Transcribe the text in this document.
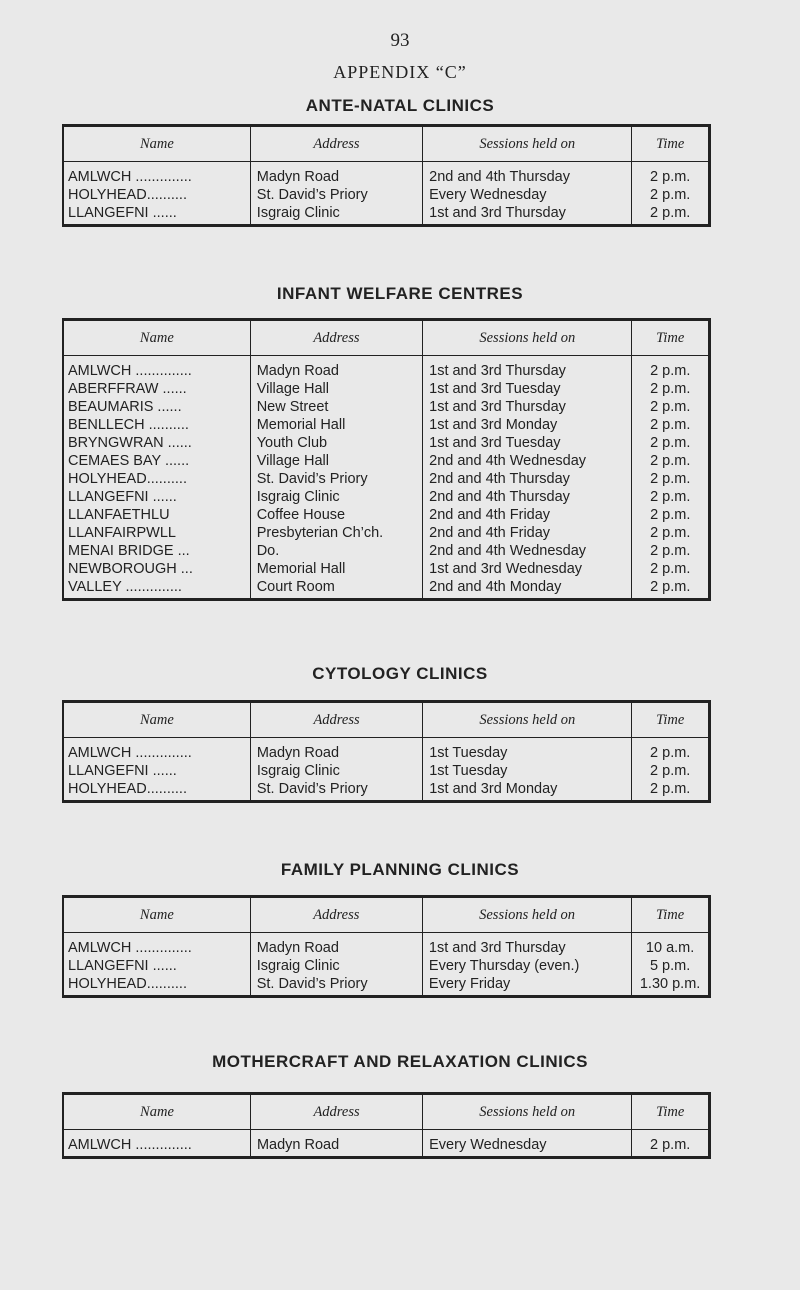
93
APPENDIX “C”
ANTE-NATAL CLINICS
Name	Address	Sessions held on	Time
AMLWCH ..............	Madyn Road	2nd and 4th Thursday	2 p.m.
HOLYHEAD..........	St. David’s Priory	Every Wednesday	2 p.m.
LLANGEFNI ......	Isgraig Clinic	1st and 3rd Thursday	2 p.m.
INFANT WELFARE CENTRES
Name	Address	Sessions held on	Time
AMLWCH ..............	Madyn Road	1st and 3rd Thursday	2 p.m.
ABERFFRAW ......	Village Hall	1st and 3rd Tuesday	2 p.m.
BEAUMARIS ......	New Street	1st and 3rd Thursday	2 p.m.
BENLLECH ..........	Memorial Hall	1st and 3rd Monday	2 p.m.
BRYNGWRAN ......	Youth Club	1st and 3rd Tuesday	2 p.m.
CEMAES BAY ......	Village Hall	2nd and 4th Wednesday	2 p.m.
HOLYHEAD..........	St. David’s Priory	2nd and 4th Thursday	2 p.m.
LLANGEFNI ......	Isgraig Clinic	2nd and 4th Thursday	2 p.m.
LLANFAETHLU	Coffee House	2nd and 4th Friday	2 p.m.
LLANFAIRPWLL	Presbyterian Ch’ch.	2nd and 4th Friday	2 p.m.
MENAI BRIDGE ...	Do.	2nd and 4th Wednesday	2 p.m.
NEWBOROUGH ...	Memorial Hall	1st and 3rd Wednesday	2 p.m.
VALLEY ..............	Court Room	2nd and 4th Monday	2 p.m.
CYTOLOGY CLINICS
Name	Address	Sessions held on	Time
AMLWCH ..............	Madyn Road	1st Tuesday	2 p.m.
LLANGEFNI ......	Isgraig Clinic	1st Tuesday	2 p.m.
HOLYHEAD..........	St. David’s Priory	1st and 3rd Monday	2 p.m.
FAMILY PLANNING CLINICS
Name	Address	Sessions held on	Time
AMLWCH ..............	Madyn Road	1st and 3rd Thursday	10 a.m.
LLANGEFNI ......	Isgraig Clinic	Every Thursday (even.)	5 p.m.
HOLYHEAD..........	St. David’s Priory	Every Friday	1.30 p.m.
MOTHERCRAFT AND RELAXATION CLINICS
Name	Address	Sessions held on	Time
AMLWCH ..............	Madyn Road	Every Wednesday	2 p.m.
